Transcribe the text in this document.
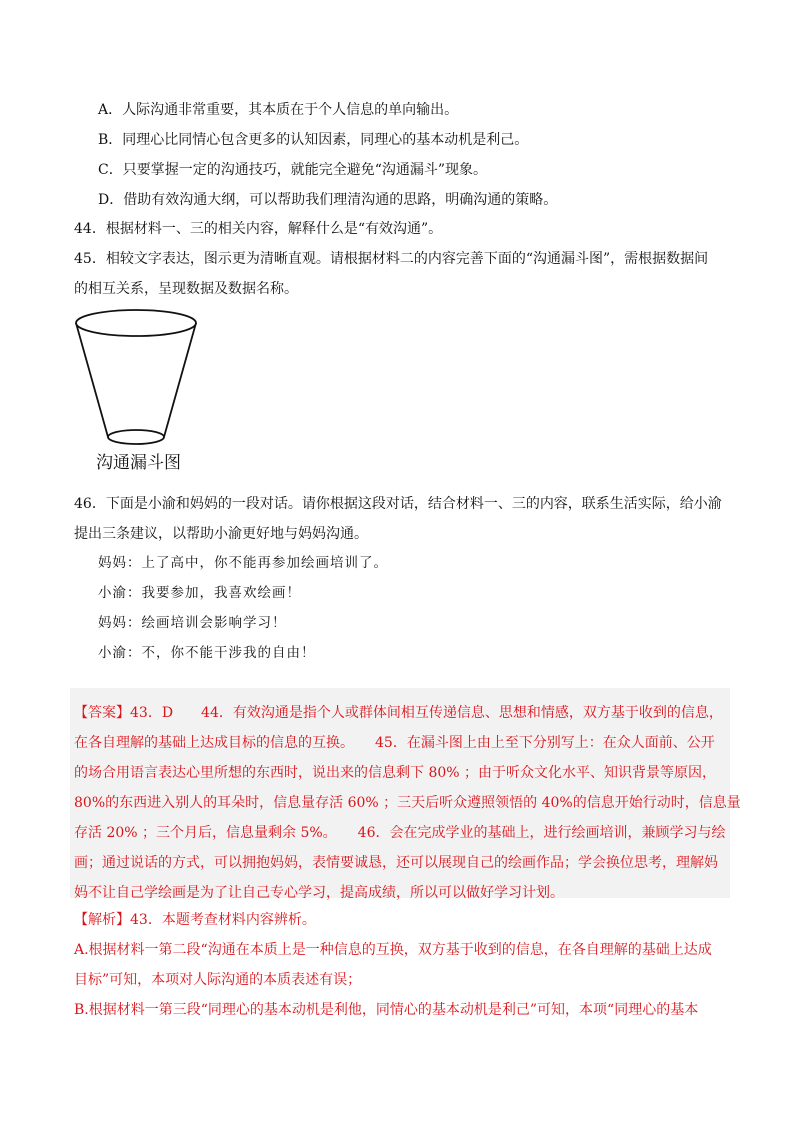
A．人际沟通非常重要，其本质在于个人信息的单向输出。
B．同理心比同情心包含更多的认知因素，同理心的基本动机是利己。
C．只要掌握一定的沟通技巧，就能完全避免“沟通漏斗”现象。
D．借助有效沟通大纲，可以帮助我们理清沟通的思路，明确沟通的策略。
44．根据材料一、三的相关内容，解释什么是“有效沟通”。
45．相较文字表达，图示更为清晰直观。请根据材料二的内容完善下面的“沟通漏斗图”，需根据数据间
的相互关系，呈现数据及数据名称。
沟通漏斗图
46．下面是小渝和妈妈的一段对话。请你根据这段对话，结合材料一、三的内容，联系生活实际，给小渝
提出三条建议，以帮助小渝更好地与妈妈沟通。
妈妈：上了高中，你不能再参加绘画培训了。
小渝：我要参加，我喜欢绘画！
妈妈：绘画培训会影响学习！
小渝：不，你不能干涉我的自由！
【答案】43．D　　44．有效沟通是指个人或群体间相互传递信息、思想和情感，双方基于收到的信息，
在各自理解的基础上达成目标的信息的互换。　　45．在漏斗图上由上至下分别写上：在众人面前、公开
的场合用语言表达心里所想的东西时，说出来的信息剩下 80% ；由于听众文化水平、知识背景等原因，
80%的东西进入别人的耳朵时，信息量存活 60% ；三天后听众遵照领悟的 40%的信息开始行动时，信息量
存活 20% ；三个月后，信息量剩余 5%。　　46．会在完成学业的基础上，进行绘画培训，兼顾学习与绘
画；通过说话的方式，可以拥抱妈妈，表情要诚恳，还可以展现自己的绘画作品；学会换位思考，理解妈
妈不让自己学绘画是为了让自己专心学习，提高成绩，所以可以做好学习计划。
【解析】43．本题考查材料内容辨析。
A.根据材料一第二段“沟通在本质上是一种信息的互换，双方基于收到的信息，在各自理解的基础上达成
目标”可知，本项对人际沟通的本质表述有误；
B.根据材料一第三段“同理心的基本动机是利他，同情心的基本动机是利己”可知，本项“同理心的基本
